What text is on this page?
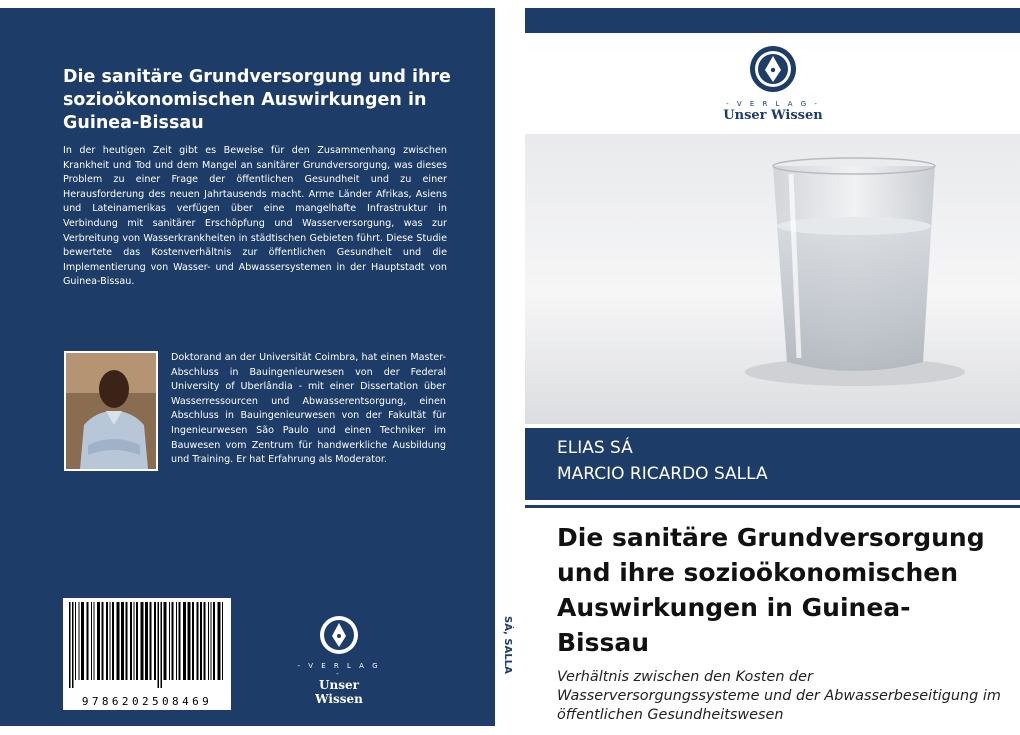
Die sanitäre Grundversorgung und ihre sozioökonomischen Auswirkungen in Guinea-Bissau

In der heutigen Zeit gibt es Beweise für den Zusammenhang zwischen Krankheit und Tod und dem Mangel an sanitärer Grundversorgung, was dieses Problem zu einer Frage der öffentlichen Gesundheit und zu einer Herausforderung des neuen Jahrtausends macht. Arme Länder Afrikas, Asiens und Lateinamerikas verfügen über eine mangelhafte Infrastruktur in Verbindung mit sanitärer Erschöpfung und Wasserversorgung, was zur Verbreitung von Wasserkrankheiten in städtischen Gebieten führt. Diese Studie bewertete das Kostenverhältnis zur öffentlichen Gesundheit und die Implementierung von Wasser- und Abwassersystemen in der Hauptstadt von Guinea-Bissau.

Doktorand an der Universität Coimbra, hat einen Master-Abschluss in Bauingenieurwesen von der Federal University of Uberlândia - mit einer Dissertation über Wasserressourcen und Abwasserentsorgung, einen Abschluss in Bauingenieurwesen von der Fakultät für Ingenieurwesen São Paulo und einen Techniker im Bauwesen vom Zentrum für handwerkliche Ausbildung und Training. Er hat Erfahrung als Moderator.

9786202508469
- V E R L A G -
Unser Wissen
SÁ, SALLA
- V E R L A G -
Unser Wissen

ELIAS SÁ

MARCIO RICARDO SALLA

Die sanitäre Grundversorgung und ihre sozioökonomischen Auswirkungen in Guinea-Bissau

Verhältnis zwischen den Kosten der Wasserversorgungssysteme und der Abwasserbeseitigung im öffentlichen Gesundheitswesen
